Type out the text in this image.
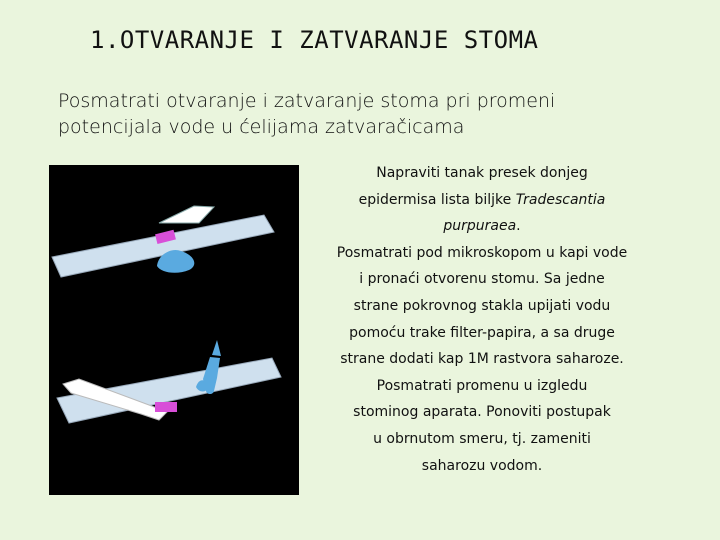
1.OTVARANJE I ZATVARANJE STOMA
Posmatrati otvaranje i zatvaranje stoma pri promeni
potencijala vode u ćelijama zatvaračicama
Napraviti tanak presek donjeg
epidermisa lista biljke Tradescantia
purpuraea.
Posmatrati pod mikroskopom u kapi vode
i pronaći otvorenu stomu. Sa jedne
strane pokrovnog stakla upijati vodu
pomoću trake filter-papira, a sa druge
strane dodati kap 1M rastvora saharoze.
Posmatrati promenu u izgledu
stominog aparata. Ponoviti postupak
u obrnutom smeru, tj. zameniti
saharozu vodom.
